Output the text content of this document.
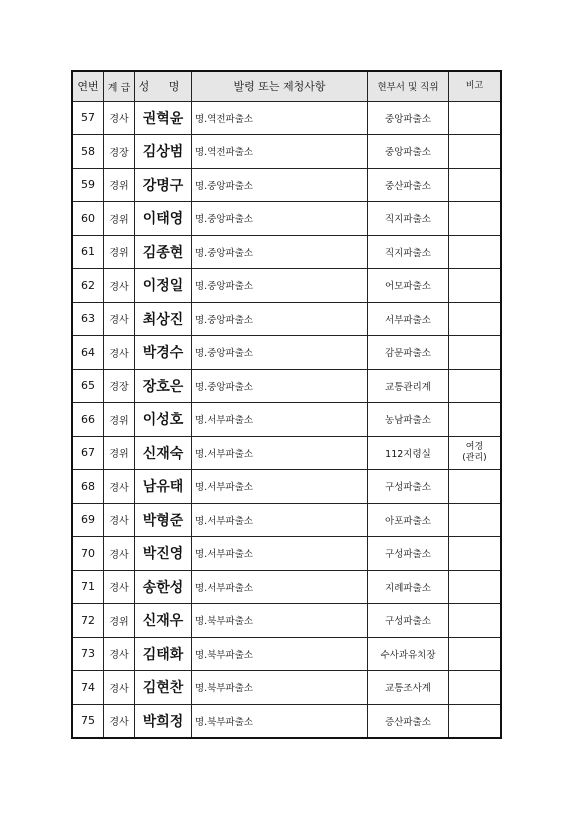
연번	계 급	성 명	발령 또는 제청사항	현부서 및 직위	비고
57	경사	권혁윤	명.역전파출소	중앙파출소	
58	경장	김상범	명.역전파출소	중앙파출소	
59	경위	강명구	명.중앙파출소	중산파출소	
60	경위	이태영	명.중앙파출소	직지파출소	
61	경위	김종현	명.중앙파출소	직지파출소	
62	경사	이정일	명.중앙파출소	어모파출소	
63	경사	최상진	명.중앙파출소	서부파출소	
64	경사	박경수	명.중앙파출소	감문파출소	
65	경장	장호은	명.중앙파출소	교통관리계	
66	경위	이성호	명.서부파출소	농남파출소	
67	경위	신재숙	명.서부파출소	112지령실	여경
(관리)
68	경사	남유태	명.서부파출소	구성파출소	
69	경사	박형준	명.서부파출소	아포파출소	
70	경사	박진영	명.서부파출소	구성파출소	
71	경사	송한성	명.서부파출소	지례파출소	
72	경위	신재우	명.북부파출소	구성파출소	
73	경사	김태화	명.북부파출소	수사과유치장	
74	경사	김현찬	명.북부파출소	교통조사계	
75	경사	박희정	명.북부파출소	증산파출소	
